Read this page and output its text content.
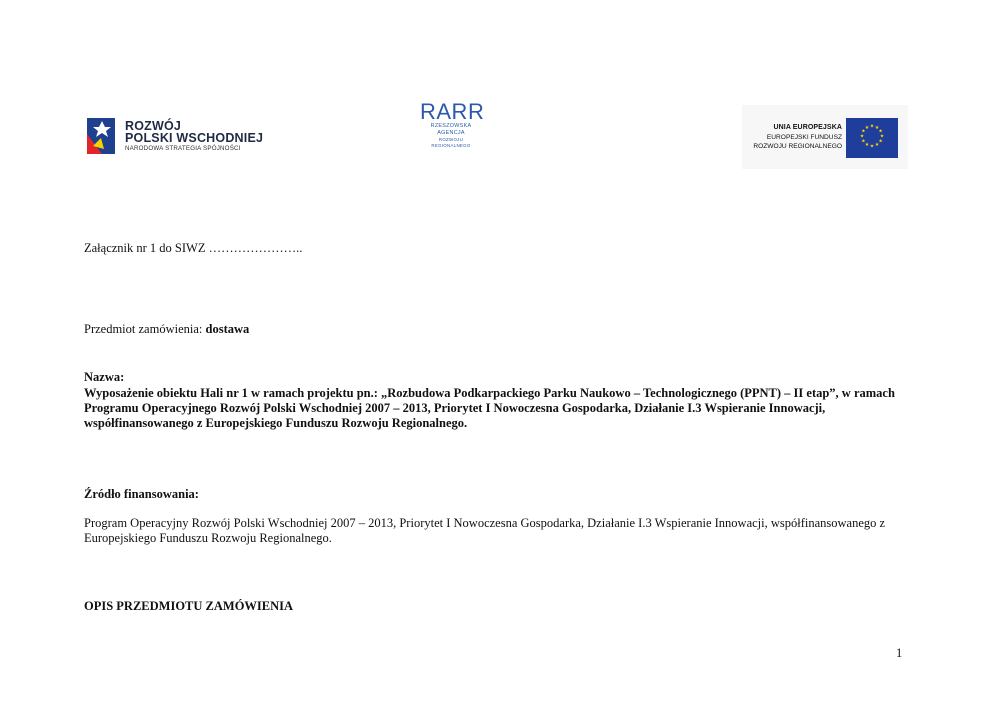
ROZWÓJ
POLSKI WSCHODNIEJ
NARODOWA STRATEGIA SPÓJNOŚCI
RARR
RZESZOWSKA AGENCJA
ROZWOJU REGIONALNEGO
UNIA EUROPEJSKA
EUROPEJSKI FUNDUSZ
ROZWOJU REGIONALNEGO
★ ★
★
★
★
★
★
★
★
★
★
★
Załącznik nr 1 do SIWZ …………………..
Przedmiot zamówienia: dostawa
Nazwa:
Wyposażenie obiektu Hali nr 1 w ramach projektu pn.: „Rozbudowa Podkarpackiego Parku Naukowo – Technologicznego (PPNT) – II etap”, w ramach Programu Operacyjnego Rozwój Polski Wschodniej 2007 – 2013, Priorytet I Nowoczesna Gospodarka, Działanie I.3 Wspieranie Innowacji, współfinansowanego z Europejskiego Funduszu Rozwoju Regionalnego.
Źródło finansowania:
Program Operacyjny Rozwój Polski Wschodniej 2007 – 2013, Priorytet I Nowoczesna Gospodarka, Działanie I.3 Wspieranie Innowacji, współfinansowanego z Europejskiego Funduszu Rozwoju Regionalnego.
OPIS PRZEDMIOTU ZAMÓWIENIA
1
